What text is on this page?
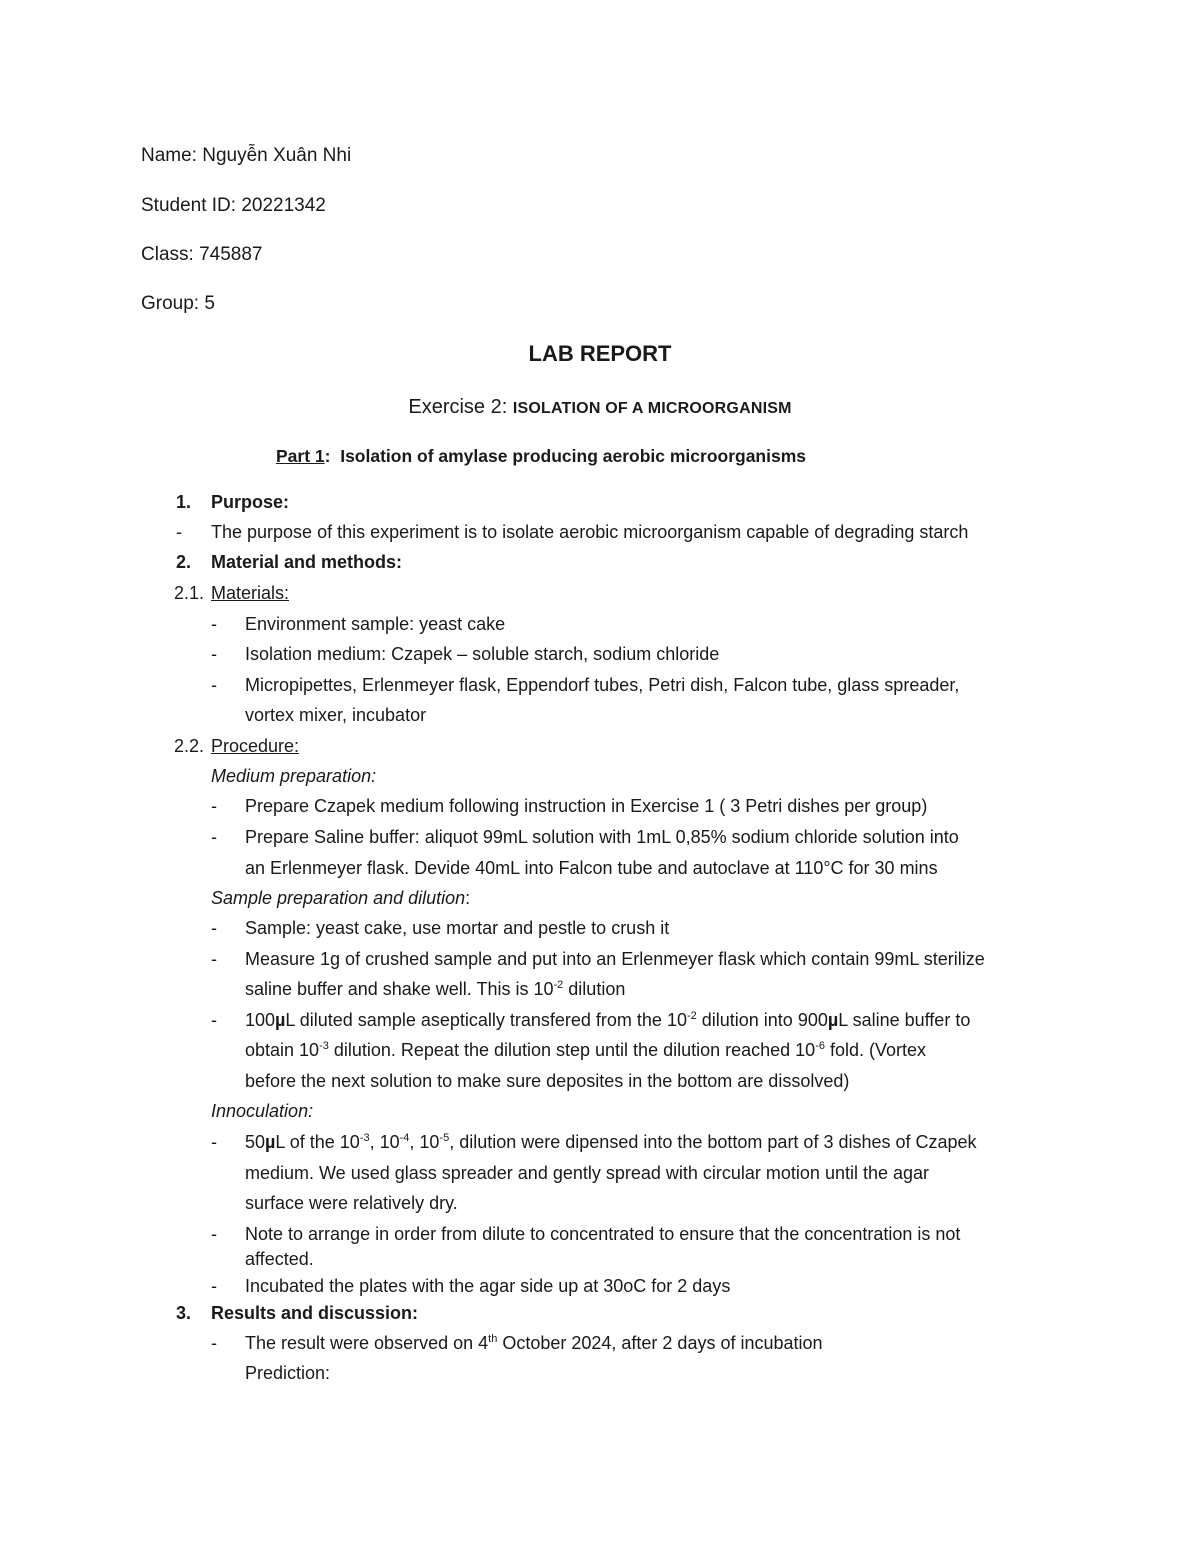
Name: Nguyễn Xuân Nhi
Student ID: 20221342
Class: 745887
Group: 5
LAB REPORT
Exercise 2: ISOLATION OF A MICROORGANISM
Part 1: Isolation of amylase producing aerobic microorganisms
1. Purpose:
- The purpose of this experiment is to isolate aerobic microorganism capable of degrading starch
2. Material and methods:
2.1. Materials:
- Environment sample: yeast cake
- Isolation medium: Czapek – soluble starch, sodium chloride
- Micropipettes, Erlenmeyer flask, Eppendorf tubes, Petri dish, Falcon tube, glass spreader,
vortex mixer, incubator
2.2. Procedure:
Medium preparation:
- Prepare Czapek medium following instruction in Exercise 1 ( 3 Petri dishes per group)
- Prepare Saline buffer: aliquot 99mL solution with 1mL 0,85% sodium chloride solution into
an Erlenmeyer flask. Devide 40mL into Falcon tube and autoclave at 110°C for 30 mins
Sample preparation and dilution:
- Sample: yeast cake, use mortar and pestle to crush it
- Measure 1g of crushed sample and put into an Erlenmeyer flask which contain 99mL sterilize
saline buffer and shake well. This is $10^{-2}$ dilution
- 100µL diluted sample aseptically transfered from the $10^{-2}$ dilution into 900µL saline buffer to
obtain $10^{-3}$ dilution. Repeat the dilution step until the dilution reached $10^{-6}$ fold. (Vortex
before the next solution to make sure deposites in the bottom are dissolved)
Innoculation:
- 50µL of the $10^{-3}$, $10^{-4}$, $10^{-5}$, dilution were dipensed into the bottom part of 3 dishes of Czapek
medium. We used glass spreader and gently spread with circular motion until the agar
surface were relatively dry.
- Note to arrange in order from dilute to concentrated to ensure that the concentration is not
affected.
- Incubated the plates with the agar side up at 30oC for 2 days
3. Results and discussion:
- The result were observed on 4th October 2024, after 2 days of incubation
Prediction:
